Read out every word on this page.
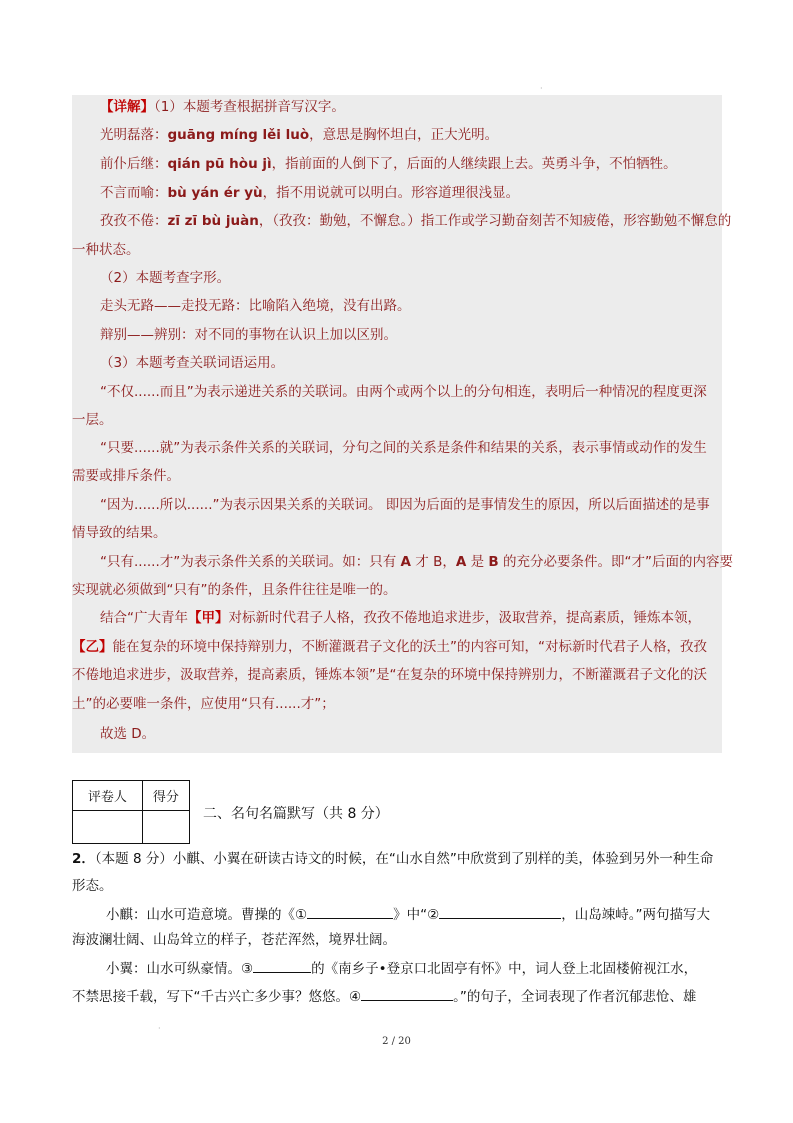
·
【详解】（1）本题考查根据拼音写汉字。
光明磊落：guāng míng lěi luò，意思是胸怀坦白，正大光明。
前仆后继：qián pū hòu jì，指前面的人倒下了，后面的人继续跟上去。英勇斗争，不怕牺牲。
不言而喻：bù yán ér yù，指不用说就可以明白。形容道理很浅显。
孜孜不倦：zī zī bù juàn，（孜孜：勤勉，不懈怠。）指工作或学习勤奋刻苦不知疲倦，形容勤勉不懈怠的
一种状态。
（2）本题考查字形。
走头无路——走投无路：比喻陷入绝境，没有出路。
辩别——辨别：对不同的事物在认识上加以区别。
（3）本题考查关联词语运用。
“不仅......而且”为表示递进关系的关联词。由两个或两个以上的分句相连，表明后一种情况的程度更深
一层。
“只要......就”为表示条件关系的关联词，分句之间的关系是条件和结果的关系，表示事情或动作的发生
需要或排斥条件。
“因为......所以......”为表示因果关系的关联词。 即因为后面的是事情发生的原因，所以后面描述的是事
情导致的结果。
“只有......才”为表示条件关系的关联词。如：只有 A 才 B，A 是 B 的充分必要条件。即“才”后面的内容要
实现就必须做到“只有”的条件，且条件往往是唯一的。
结合“广大青年【甲】对标新时代君子人格，孜孜不倦地追求进步，汲取营养，提高素质，锤炼本领，
【乙】能在复杂的环境中保持辩别力，不断灌溉君子文化的沃土”的内容可知，“对标新时代君子人格，孜孜
不倦地追求进步，汲取营养，提高素质，锤炼本领”是“在复杂的环境中保持辨别力，不断灌溉君子文化的沃
土”的必要唯一条件，应使用“只有......才”；
故选 D。
评卷人	得分

二、名句名篇默写（共 8 分）
2．（本题 8 分）小麒、小翼在研读古诗文的时候，在“山水自然”中欣赏到了别样的美，体验到另外一种生命
形态。
小麒：山水可造意境。曹操的《①	》中“②	，山岛竦峙。”两句描写大
海波澜壮阔、山岛耸立的样子，苍茫浑然，境界壮阔。
小翼：山水可纵豪情。③	的《南乡子•登京口北固亭有怀》中，词人登上北固楼俯视江水，
不禁思接千载，写下“千古兴亡多少事？悠悠。④	。”的句子，全词表现了作者沉郁悲怆、雄
·
2 / 20
